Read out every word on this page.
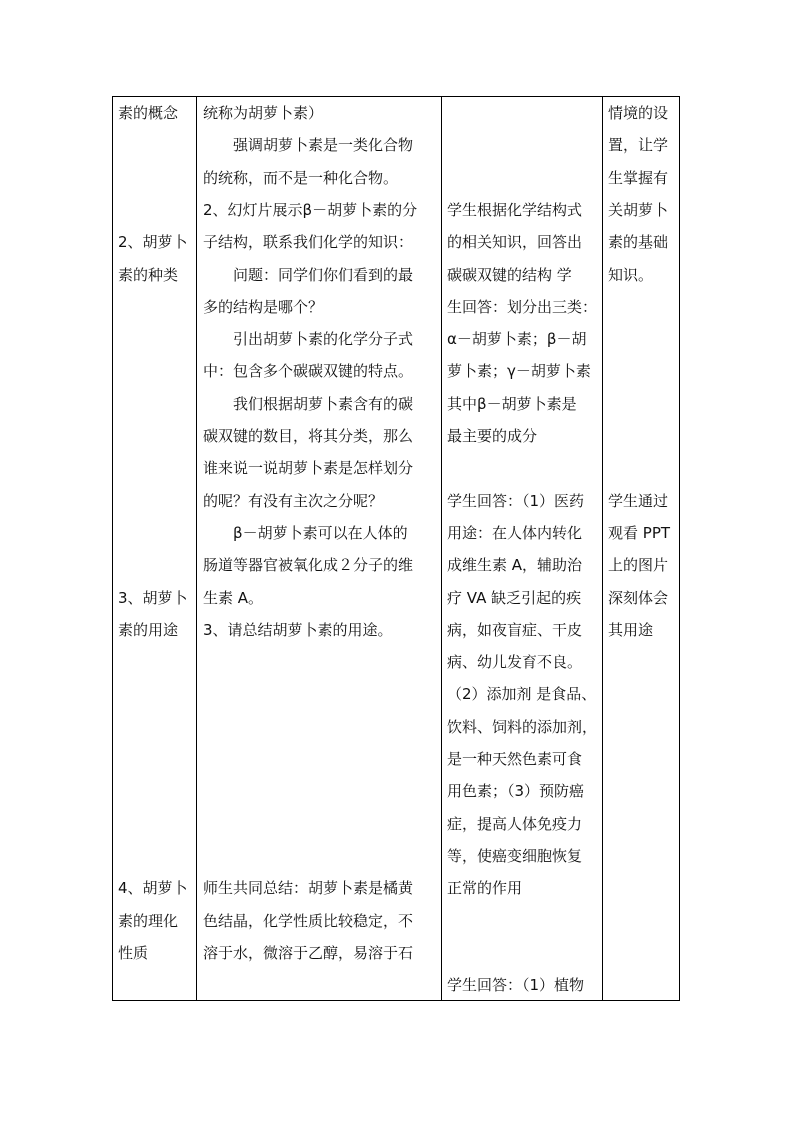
素的概念
2、胡萝卜
素的种类
3、胡萝卜
素的用途
4、胡萝卜
素的理化
性质
统称为胡萝卜素）
强调胡萝卜素是一类化合物
的统称，而不是一种化合物。
2、幻灯片展示β－胡萝卜素的分
子结构，联系我们化学的知识：
问题：同学们你们看到的最
多的结构是哪个？
引出胡萝卜素的化学分子式
中：包含多个碳碳双键的特点。
我们根据胡萝卜素含有的碳
碳双键的数目，将其分类，那么
谁来说一说胡萝卜素是怎样划分
的呢？有没有主次之分呢？
β－胡萝卜素可以在人体的
肠道等器官被氧化成２分子的维
生素 A。
3、请总结胡萝卜素的用途。
师生共同总结：胡萝卜素是橘黄
色结晶，化学性质比较稳定，不
溶于水，微溶于乙醇，易溶于石
学生根据化学结构式
的相关知识，回答出
碳碳双键的结构 学
生回答：划分出三类：
α－胡萝卜素；β－胡
萝卜素；γ－胡萝卜素
其中β－胡萝卜素是
最主要的成分
学生回答：（1）医药
用途：在人体内转化
成维生素 A，辅助治
疗 VA 缺乏引起的疾
病，如夜盲症、干皮
病、幼儿发育不良。
（2）添加剂 是食品、
饮料、饲料的添加剂，
是一种天然色素可食
用色素；（3）预防癌
症，提高人体免疫力
等，使癌变细胞恢复
正常的作用
学生回答：（1）植物
情境的设
置，让学
生掌握有
关胡萝卜
素的基础
知识。
学生通过
观看 PPT
上的图片
深刻体会
其用途
